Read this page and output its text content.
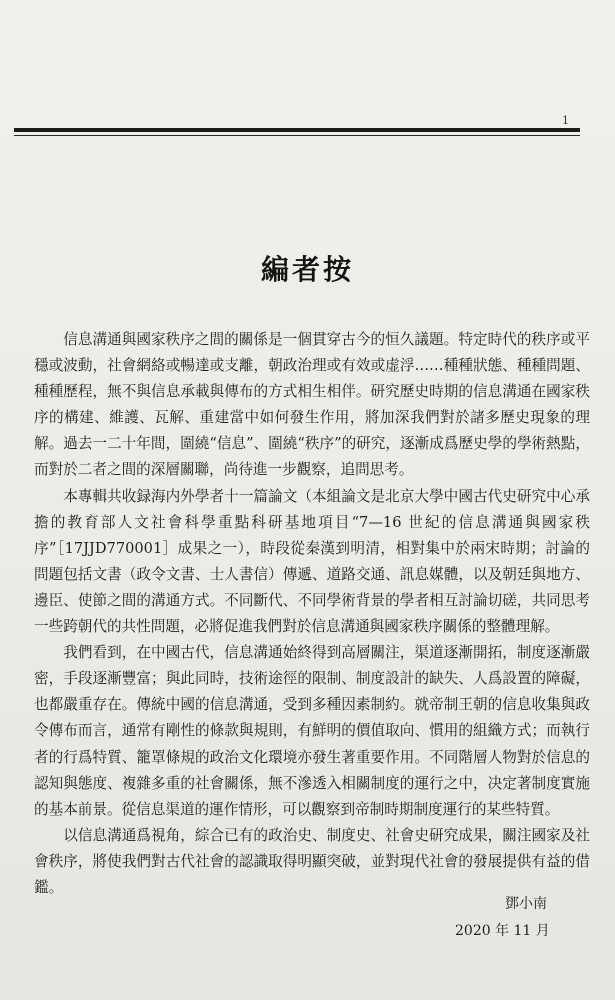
1
編者按

信息溝通與國家秩序之間的關係是一個貫穿古今的恒久議題。特定時代的秩序或平穩或波動，社會網絡或暢達或支離，朝政治理或有效或虚浮……種種狀態、種種問題、種種歷程，無不與信息承載與傳布的方式相生相伴。研究歷史時期的信息溝通在國家秩序的構建、維護、瓦解、重建當中如何發生作用，將加深我們對於諸多歷史現象的理解。過去一二十年間，圍繞“信息”、圍繞“秩序”的研究，逐漸成爲歷史學的學術熱點，而對於二者之間的深層關聯，尚待進一步觀察，追問思考。

本專輯共收録海内外學者十一篇論文（本組論文是北京大學中國古代史研究中心承擔的教育部人文社會科學重點科研基地項目“7—16 世紀的信息溝通與國家秩序”［17JJD770001］成果之一），時段從秦漢到明清，相對集中於兩宋時期；討論的問題包括文書（政令文書、士人書信）傳遞、道路交通、訊息媒體，以及朝廷與地方、邊臣、使節之間的溝通方式。不同斷代、不同學術背景的學者相互討論切磋，共同思考一些跨朝代的共性問題，必將促進我們對於信息溝通與國家秩序關係的整體理解。

我們看到，在中國古代，信息溝通始終得到高層關注，渠道逐漸開拓，制度逐漸嚴密，手段逐漸豐富；與此同時，技術途徑的限制、制度設計的缺失、人爲設置的障礙，也都嚴重存在。傳統中國的信息溝通，受到多種因素制約。就帝制王朝的信息收集與政令傳布而言，通常有剛性的條款與規則，有鮮明的價值取向、慣用的組織方式；而執行者的行爲特質、籠罩條規的政治文化環境亦發生著重要作用。不同階層人物對於信息的認知與態度、複雜多重的社會關係，無不滲透入相關制度的運行之中，决定著制度實施的基本前景。從信息渠道的運作情形，可以觀察到帝制時期制度運行的某些特質。

以信息溝通爲視角，綜合已有的政治史、制度史、社會史研究成果，關注國家及社會秩序，將使我們對古代社會的認識取得明顯突破，並對現代社會的發展提供有益的借鑑。

鄧小南
2020 年 11 月
